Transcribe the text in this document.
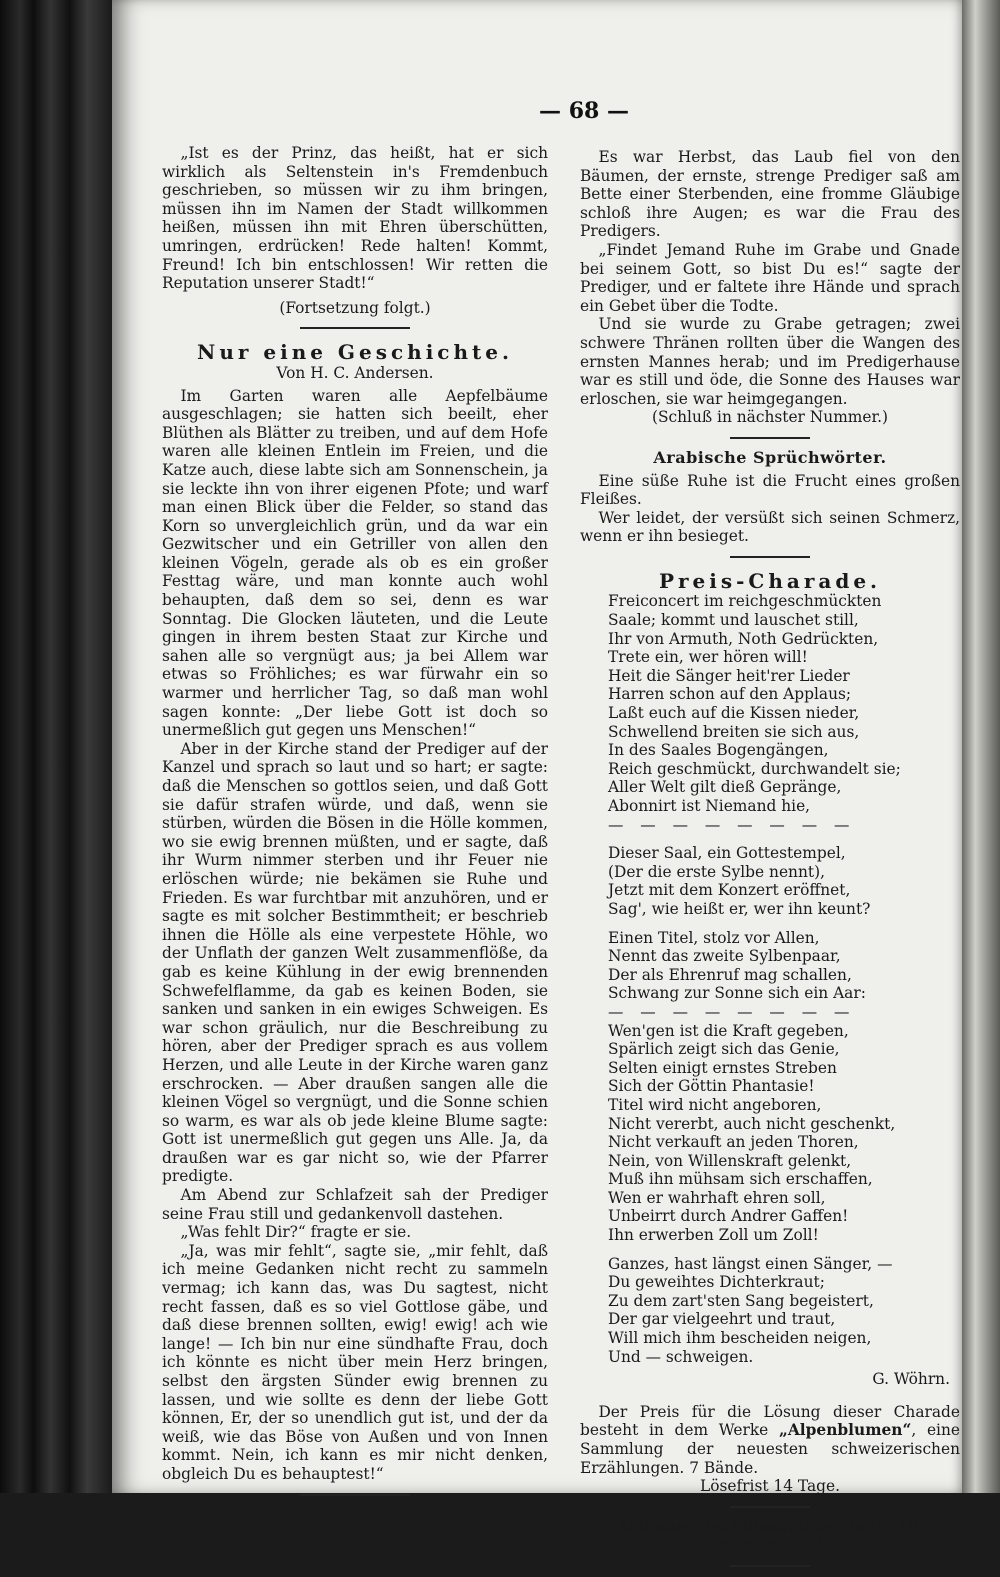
— 68 —

„Ist es der Prinz, das heißt, hat er sich wirklich als Seltenstein in's Fremdenbuch geschrieben, so müssen wir zu ihm bringen, müssen ihn im Namen der Stadt willkommen heißen, müssen ihn mit Ehren überschütten, umringen, erdrücken! Rede halten! Kommt, Freund! Ich bin entschlossen! Wir retten die Reputation unserer Stadt!“

(Fortsetzung folgt.)

Nur eine Geschichte.

Von H. C. Andersen.

Im Garten waren alle Aepfelbäume ausgeschlagen; sie hatten sich beeilt, eher Blüthen als Blätter zu treiben, und auf dem Hofe waren alle kleinen Entlein im Freien, und die Katze auch, diese labte sich am Sonnenschein, ja sie leckte ihn von ihrer eigenen Pfote; und warf man einen Blick über die Felder, so stand das Korn so unvergleichlich grün, und da war ein Gezwitscher und ein Getriller von allen den kleinen Vögeln, gerade als ob es ein großer Festtag wäre, und man konnte auch wohl behaupten, daß dem so sei, denn es war Sonntag. Die Glocken läuteten, und die Leute gingen in ihrem besten Staat zur Kirche und sahen alle so vergnügt aus; ja bei Allem war etwas so Fröhliches; es war fürwahr ein so warmer und herrlicher Tag, so daß man wohl sagen konnte: „Der liebe Gott ist doch so unermeßlich gut gegen uns Menschen!“

Aber in der Kirche stand der Prediger auf der Kanzel und sprach so laut und so hart; er sagte: daß die Menschen so gottlos seien, und daß Gott sie dafür strafen würde, und daß, wenn sie stürben, würden die Bösen in die Hölle kommen, wo sie ewig brennen müßten, und er sagte, daß ihr Wurm nimmer sterben und ihr Feuer nie erlöschen würde; nie bekämen sie Ruhe und Frieden. Es war furchtbar mit anzuhören, und er sagte es mit solcher Bestimmtheit; er beschrieb ihnen die Hölle als eine verpestete Höhle, wo der Unflath der ganzen Welt zusammenflöße, da gab es keine Kühlung in der ewig brennenden Schwefelflamme, da gab es keinen Boden, sie sanken und sanken in ein ewiges Schweigen. Es war schon gräulich, nur die Beschreibung zu hören, aber der Prediger sprach es aus vollem Herzen, und alle Leute in der Kirche waren ganz erschrocken. — Aber draußen sangen alle die kleinen Vögel so vergnügt, und die Sonne schien so warm, es war als ob jede kleine Blume sagte: Gott ist unermeßlich gut gegen uns Alle. Ja, da draußen war es gar nicht so, wie der Pfarrer predigte.

Am Abend zur Schlafzeit sah der Prediger seine Frau still und gedankenvoll dastehen.

„Was fehlt Dir?“ fragte er sie.

„Ja, was mir fehlt“, sagte sie, „mir fehlt, daß ich meine Gedanken nicht recht zu sammeln vermag; ich kann das, was Du sagtest, nicht recht fassen, daß es so viel Gottlose gäbe, und daß diese brennen sollten, ewig! ewig! ach wie lange! — Ich bin nur eine sündhafte Frau, doch ich könnte es nicht über mein Herz bringen, selbst den ärgsten Sünder ewig brennen zu lassen, und wie sollte es denn der liebe Gott können, Er, der so unendlich gut ist, und der da weiß, wie das Böse von Außen und von Innen kommt. Nein, ich kann es mir nicht denken, obgleich Du es behauptest!“

Es war Herbst, das Laub fiel von den Bäumen, der ernste, strenge Prediger saß am Bette einer Sterbenden, eine fromme Gläubige schloß ihre Augen; es war die Frau des Predigers.

„Findet Jemand Ruhe im Grabe und Gnade bei seinem Gott, so bist Du es!“ sagte der Prediger, und er faltete ihre Hände und sprach ein Gebet über die Todte.

Und sie wurde zu Grabe getragen; zwei schwere Thränen rollten über die Wangen des ernsten Mannes herab; und im Predigerhause war es still und öde, die Sonne des Hauses war erloschen, sie war heimgegangen.

(Schluß in nächster Nummer.)

Arabische Sprüchwörter.

Eine süße Ruhe ist die Frucht eines großen Fleißes.

Wer leidet, der versüßt sich seinen Schmerz, wenn er ihn besieget.

Preis-Charade.

Freiconcert im reichgeschmückten
Saale; kommt und lauschet still,
Ihr von Armuth, Noth Gedrückten,
Trete ein, wer hören will!
Heit die Sänger heit'rer Lieder
Harren schon auf den Applaus;
Laßt euch auf die Kissen nieder,
Schwellend breiten sie sich aus,
In des Saales Bogengängen,
Reich geschmückt, durchwandelt sie;
Aller Welt gilt dieß Gepränge,
Abonnirt ist Niemand hie,
— — — — — — — —
Dieser Saal, ein Gottestempel,
(Der die erste Sylbe nennt),
Jetzt mit dem Konzert eröffnet,
Sag', wie heißt er, wer ihn keunt?
Einen Titel, stolz vor Allen,
Nennt das zweite Sylbenpaar,
Der als Ehrenruf mag schallen,
Schwang zur Sonne sich ein Aar:
— — — — — — — —
Wen'gen ist die Kraft gegeben,
Spärlich zeigt sich das Genie,
Selten einigt ernstes Streben
Sich der Göttin Phantasie!
Titel wird nicht angeboren,
Nicht vererbt, auch nicht geschenkt,
Nicht verkauft an jeden Thoren,
Nein, von Willenskraft gelenkt,
Muß ihn mühsam sich erschaffen,
Wen er wahrhaft ehren soll,
Unbeirrt durch Andrer Gaffen!
Ihn erwerben Zoll um Zoll!
Ganzes, hast längst einen Sänger, —
Du geweihtes Dichterkraut;
Zu dem zart'sten Sang begeistert,
Der gar vielgeehrt und traut,
Will mich ihm bescheiden neigen,
Und — schweigen.

G. Wöhrn.

Der Preis für die Lösung dieser Charade besteht in dem Werke „Alpenblumen“, eine Sammlung der neuesten schweizerischen Erzählungen. 7 Bände.

Lösefrist 14 Tage.

Auflösung des Silbenräthsels in Nr. 10.

Feuerheerd.
